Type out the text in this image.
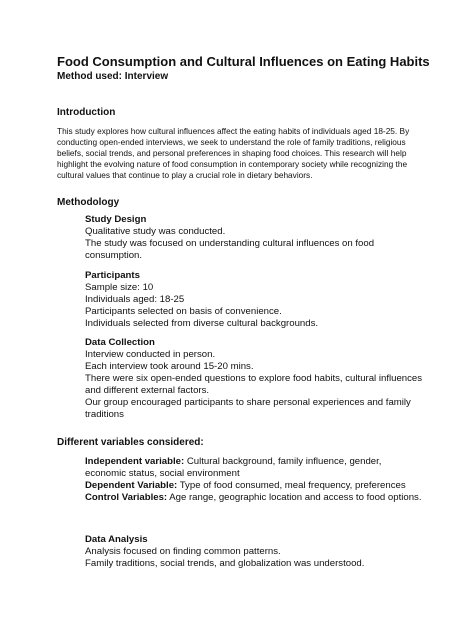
Food Consumption and Cultural Influences on Eating Habits
Method used: Interview
Introduction
This study explores how cultural influences affect the eating habits of individuals aged 18-25. By conducting open-ended interviews, we seek to understand the role of family traditions, religious beliefs, social trends, and personal preferences in shaping food choices. This research will help highlight the evolving nature of food consumption in contemporary society while recognizing the cultural values that continue to play a crucial role in dietary behaviors.
Methodology
Study Design
Qualitative study was conducted.
The study was focused on understanding cultural influences on food consumption.
Participants
Sample size: 10
Individuals aged: 18-25
Participants selected on basis of convenience.
Individuals selected from diverse cultural backgrounds.
Data Collection
Interview conducted in person.
Each interview took around 15-20 mins.
There were six open-ended questions to explore food habits, cultural influences and different external factors.
Our group encouraged participants to share personal experiences and family traditions
Different variables considered:
Independent variable: Cultural background, family influence, gender, economic status, social environment
Dependent Variable: Type of food consumed, meal frequency, preferences
Control Variables: Age range, geographic location and access to food options.
Data Analysis
Analysis focused on finding common patterns.
Family traditions, social trends, and globalization was understood.
